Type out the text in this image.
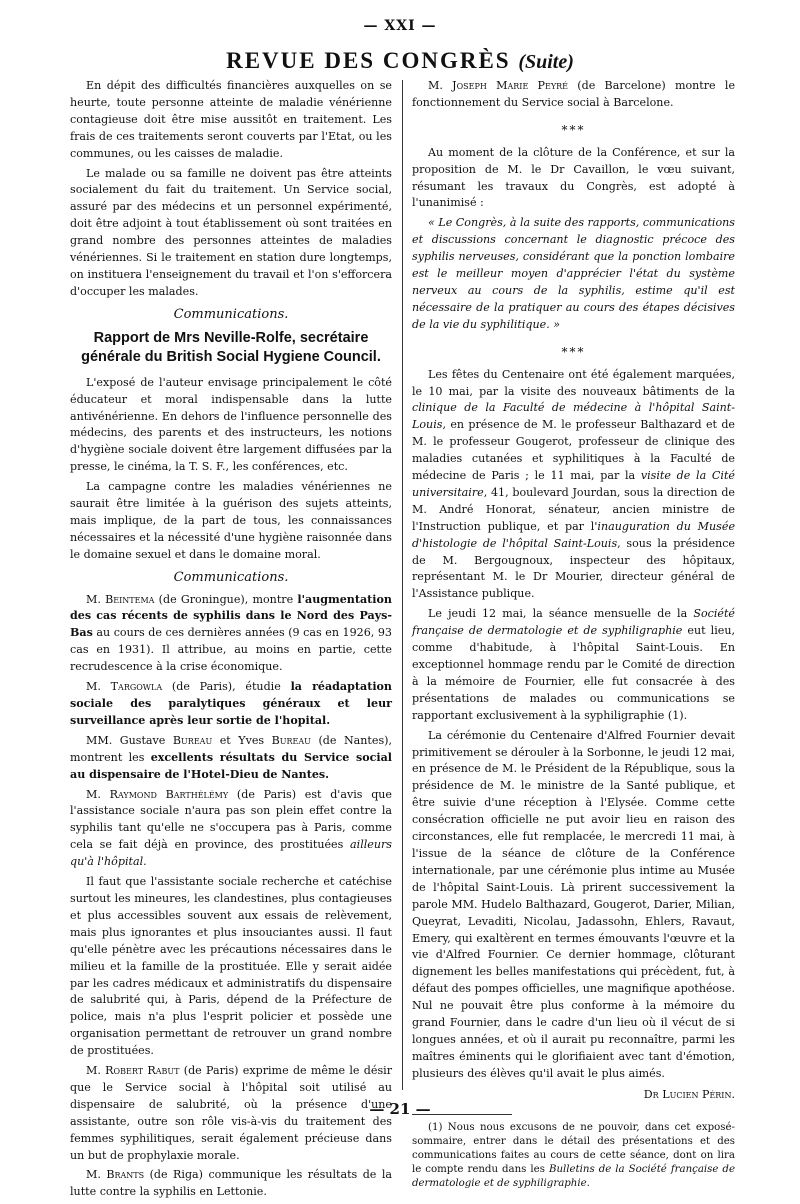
— XXI —
REVUE DES CONGRÈS (Suite)

En dépit des difficultés financières auxquelles on se heurte, toute personne atteinte de maladie vénérienne contagieuse doit être mise aussitôt en traitement. Les frais de ces traitements seront couverts par l'Etat, ou les communes, ou les caisses de maladie.

Le malade ou sa famille ne doivent pas être atteints socialement du fait du traitement. Un Service social, assuré par des médecins et un personnel expérimenté, doit être adjoint à tout établissement où sont traitées en grand nombre des personnes atteintes de maladies vénériennes. Si le traitement en station dure longtemps, on instituera l'enseignement du travail et l'on s'efforcera d'occuper les malades.

Communications.
Rapport de Mrs Neville-Rolfe, secrétaire générale du British Social Hygiene Council.

L'exposé de l'auteur envisage principalement le côté éducateur et moral indispensable dans la lutte antivénérienne. En dehors de l'influence personnelle des médecins, des parents et des instructeurs, les notions d'hygiène sociale doivent être largement diffusées par la presse, le cinéma, la T. S. F., les conférences, etc.

La campagne contre les maladies vénériennes ne saurait être limitée à la guérison des sujets atteints, mais implique, de la part de tous, les connaissances nécessaires et la nécessité d'une hygiène raisonnée dans le domaine sexuel et dans le domaine moral.

Communications.

M. Beintema (de Groningue), montre l'augmentation des cas récents de syphilis dans le Nord des Pays-Bas au cours de ces dernières années (9 cas en 1926, 93 cas en 1931). Il attribue, au moins en partie, cette recrudescence à la crise économique.

M. Targowla (de Paris), étudie la réadaptation sociale des paralytiques généraux et leur surveillance après leur sortie de l'hopital.

MM. Gustave Bureau et Yves Bureau (de Nantes), montrent les excellents résultats du Service social au dispensaire de l'Hotel-Dieu de Nantes.

M. Raymond Barthélémy (de Paris) est d'avis que l'assistance sociale n'aura pas son plein effet contre la syphilis tant qu'elle ne s'occupera pas à Paris, comme cela se fait déjà en province, des prostituées ailleurs qu'à l'hôpital.

Il faut que l'assistante sociale recherche et catéchise surtout les mineures, les clandestines, plus contagieuses et plus accessibles souvent aux essais de relèvement, mais plus ignorantes et plus insouciantes aussi. Il faut qu'elle pénètre avec les précautions nécessaires dans le milieu et la famille de la prostituée. Elle y serait aidée par les cadres médicaux et administratifs du dispensaire de salubrité qui, à Paris, dépend de la Préfecture de police, mais n'a plus l'esprit policier et possède une organisation permettant de retrouver un grand nombre de prostituées.

M. Robert Rabut (de Paris) exprime de même le désir que le Service social à l'hôpital soit utilisé au dispensaire de salubrité, où la présence d'une assistante, outre son rôle vis-à-vis du traitement des femmes syphilitiques, serait également précieuse dans un but de prophylaxie morale.

M. Brants (de Riga) communique les résultats de la lutte contre la syphilis en Lettonie.

M. Joseph Marie Peyré (de Barcelone) montre le fonctionnement du Service social à Barcelone.

***

Au moment de la clôture de la Conférence, et sur la proposition de M. le Dr Cavaillon, le vœu suivant, résumant les travaux du Congrès, est adopté à l'unanimisé :

« Le Congrès, à la suite des rapports, communications et discussions concernant le diagnostic précoce des syphilis nerveuses, considérant que la ponction lombaire est le meilleur moyen d'apprécier l'état du système nerveux au cours de la syphilis, estime qu'il est nécessaire de la pratiquer au cours des étapes décisives de la vie du syphilitique. »

***

Les fêtes du Centenaire ont été également marquées, le 10 mai, par la visite des nouveaux bâtiments de la clinique de la Faculté de médecine à l'hôpital Saint-Louis, en présence de M. le professeur Balthazard et de M. le professeur Gougerot, professeur de clinique des maladies cutanées et syphilitiques à la Faculté de médecine de Paris ; le 11 mai, par la visite de la Cité universitaire, 41, boulevard Jourdan, sous la direction de M. André Honorat, sénateur, ancien ministre de l'Instruction publique, et par l'inauguration du Musée d'histologie de l'hôpital Saint-Louis, sous la présidence de M. Bergougnoux, inspecteur des hôpitaux, représentant M. le Dr Mourier, directeur général de l'Assistance publique.

Le jeudi 12 mai, la séance mensuelle de la Société française de dermatologie et de syphiligraphie eut lieu, comme d'habitude, à l'hôpital Saint-Louis. En exceptionnel hommage rendu par le Comité de direction à la mémoire de Fournier, elle fut consacrée à des présentations de malades ou communications se rapportant exclusivement à la syphiligraphie (1).

La cérémonie du Centenaire d'Alfred Fournier devait primitivement se dérouler à la Sorbonne, le jeudi 12 mai, en présence de M. le Président de la République, sous la présidence de M. le ministre de la Santé publique, et être suivie d'une réception à l'Elysée. Comme cette consécration officielle ne put avoir lieu en raison des circonstances, elle fut remplacée, le mercredi 11 mai, à l'issue de la séance de clôture de la Conférence internationale, par une cérémonie plus intime au Musée de l'hôpital Saint-Louis. Là prirent successivement la parole MM. Hudelo Balthazard, Gougerot, Darier, Milian, Queyrat, Levaditi, Nicolau, Jadassohn, Ehlers, Ravaut, Emery, qui exaltèrent en termes émouvants l'œuvre et la vie d'Alfred Fournier. Ce dernier hommage, clôturant dignement les belles manifestations qui précèdent, fut, à défaut des pompes officielles, une magnifique apothéose. Nul ne pouvait être plus conforme à la mémoire du grand Fournier, dans le cadre d'un lieu où il vécut de si longues années, et où il aurait pu reconnaître, parmi les maîtres éminents qui le glorifiaient avec tant d'émotion, plusieurs des élèves qu'il avait le plus aimés.

Dr Lucien Périn.

(1) Nous nous excusons de ne pouvoir, dans cet exposé-sommaire, entrer dans le détail des présentations et des communications faites au cours de cette séance, dont on lira le compte rendu dans les Bulletins de la Société française de dermatologie et de syphiligraphie.

— 21 —
